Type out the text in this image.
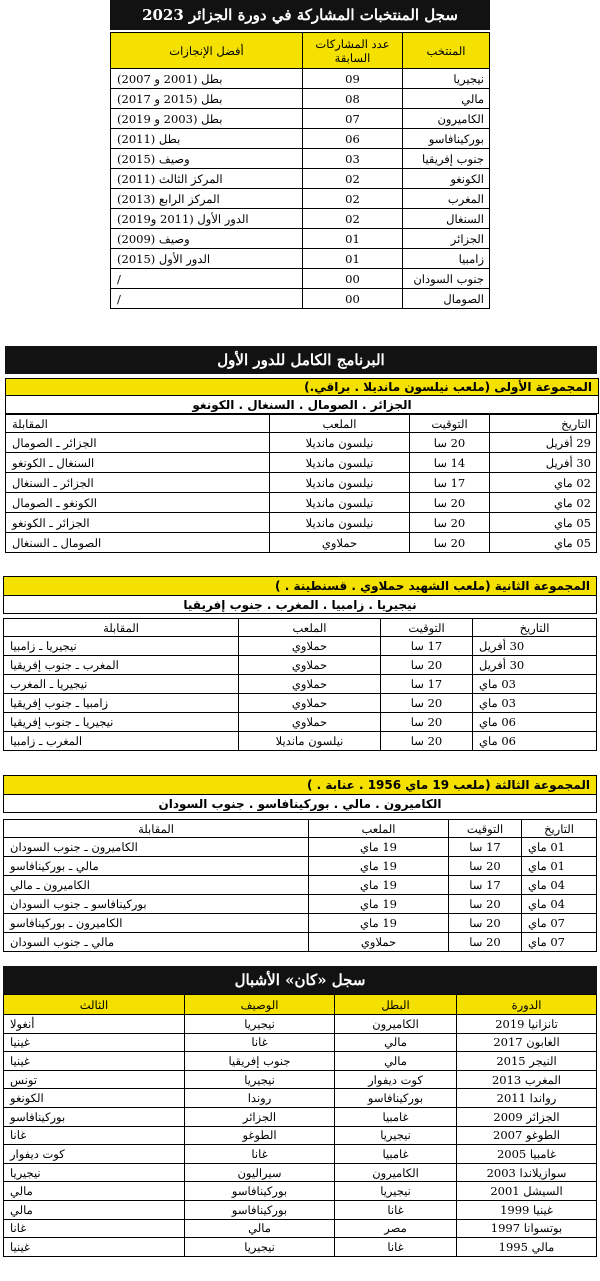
سجل المنتخبات المشاركة في دورة الجزائر 2023
المنتخب	عدد المشاركات السابقة	أفضل الإنجازات
نيجيريا	09	بطل (2001 و 2007)
مالي	08	بطل (2015 و 2017)
الكاميرون	07	بطل (2003 و 2019)
بوركينافاسو	06	بطل (2011)
جنوب إفريقيا	03	وصيف (2015)
الكونغو	02	المركز الثالث (2011)
المغرب	02	المركز الرابع (2013)
السنغال	02	الدور الأول (2011 و2019)
الجزائر	01	وصيف (2009)
زامبيا	01	الدور الأول (2015)
جنوب السودان	00	/
الصومال	00	/
البرنامج الكامل للدور الأول
المجموعة الأولى (ملعب نيلسون مانديلا . براقي.)
الجزائر . الصومال . السنغال . الكونغو
التاريخ	التوقيت	الملعب	المقابلة
29 أفريل	20 سا	نيلسون مانديلا	الجزائر ـ الصومال
30 أفريل	14 سا	نيلسون مانديلا	السنغال ـ الكونغو
02 ماي	17 سا	نيلسون مانديلا	الجزائر ـ السنغال
02 ماي	20 سا	نيلسون مانديلا	الكونغو ـ الصومال
05 ماي	20 سا	نيلسون مانديلا	الجزائر ـ الكونغو
05 ماي	20 سا	حملاوي	الصومال ـ السنغال
المجموعة الثانية (ملعب الشهيد حملاوي . قسنطينة . )
نيجيريا . زامبيا . المغرب . جنوب إفريقيا
التاريخ	التوقيت	الملعب	المقابلة
30 أفريل	17 سا	حملاوي	نيجيريا ـ زامبيا
30 أفريل	20 سا	حملاوي	المغرب ـ جنوب إفريقيا
03 ماي	17 سا	حملاوي	نيجيريا ـ المغرب
03 ماي	20 سا	حملاوي	زامبيا ـ جنوب إفريقيا
06 ماي	20 سا	حملاوي	نيجيريا ـ جنوب إفريقيا
06 ماي	20 سا	نيلسون مانديلا	المغرب ـ زامبيا
المجموعة الثالثة (ملعب 19 ماي 1956 . عنابة . )
الكاميرون . مالي . بوركينافاسو . جنوب السودان
التاريخ	التوقيت	الملعب	المقابلة
01 ماي	17 سا	19 ماي	الكاميرون ـ جنوب السودان
01 ماي	20 سا	19 ماي	مالي ـ بوركينافاسو
04 ماي	17 سا	19 ماي	الكاميرون ـ مالي
04 ماي	20 سا	19 ماي	بوركينافاسو ـ جنوب السودان
07 ماي	20 سا	19 ماي	الكاميرون ـ بوركينافاسو
07 ماي	20 سا	حملاوي	مالي ـ جنوب السودان
سجل «كان» الأشبال
الدورة	البطل	الوصيف	الثالث
تانزانيا 2019	الكاميرون	نيجيريا	أنغولا
الغابون 2017	مالي	غانا	غينيا
النيجر 2015	مالي	جنوب إفريقيا	غينيا
المغرب 2013	كوت ديفوار	نيجيريا	تونس
رواندا 2011	بوركينافاسو	روندا	الكونغو
الجزائر 2009	غامبيا	الجزائر	بوركينافاسو
الطوغو 2007	نيجيريا	الطوغو	غانا
غامبيا 2005	غامبيا	غانا	كوت ديفوار
سوازيلاندا 2003	الكاميرون	سيراليون	نيجيريا
السيشل 2001	نيجيريا	بوركينافاسو	مالي
غينيا 1999	غانا	بوركينافاسو	مالي
بوتسوانا 1997	مصر	مالي	غانا
مالي 1995	غانا	نيجيريا	غينيا
